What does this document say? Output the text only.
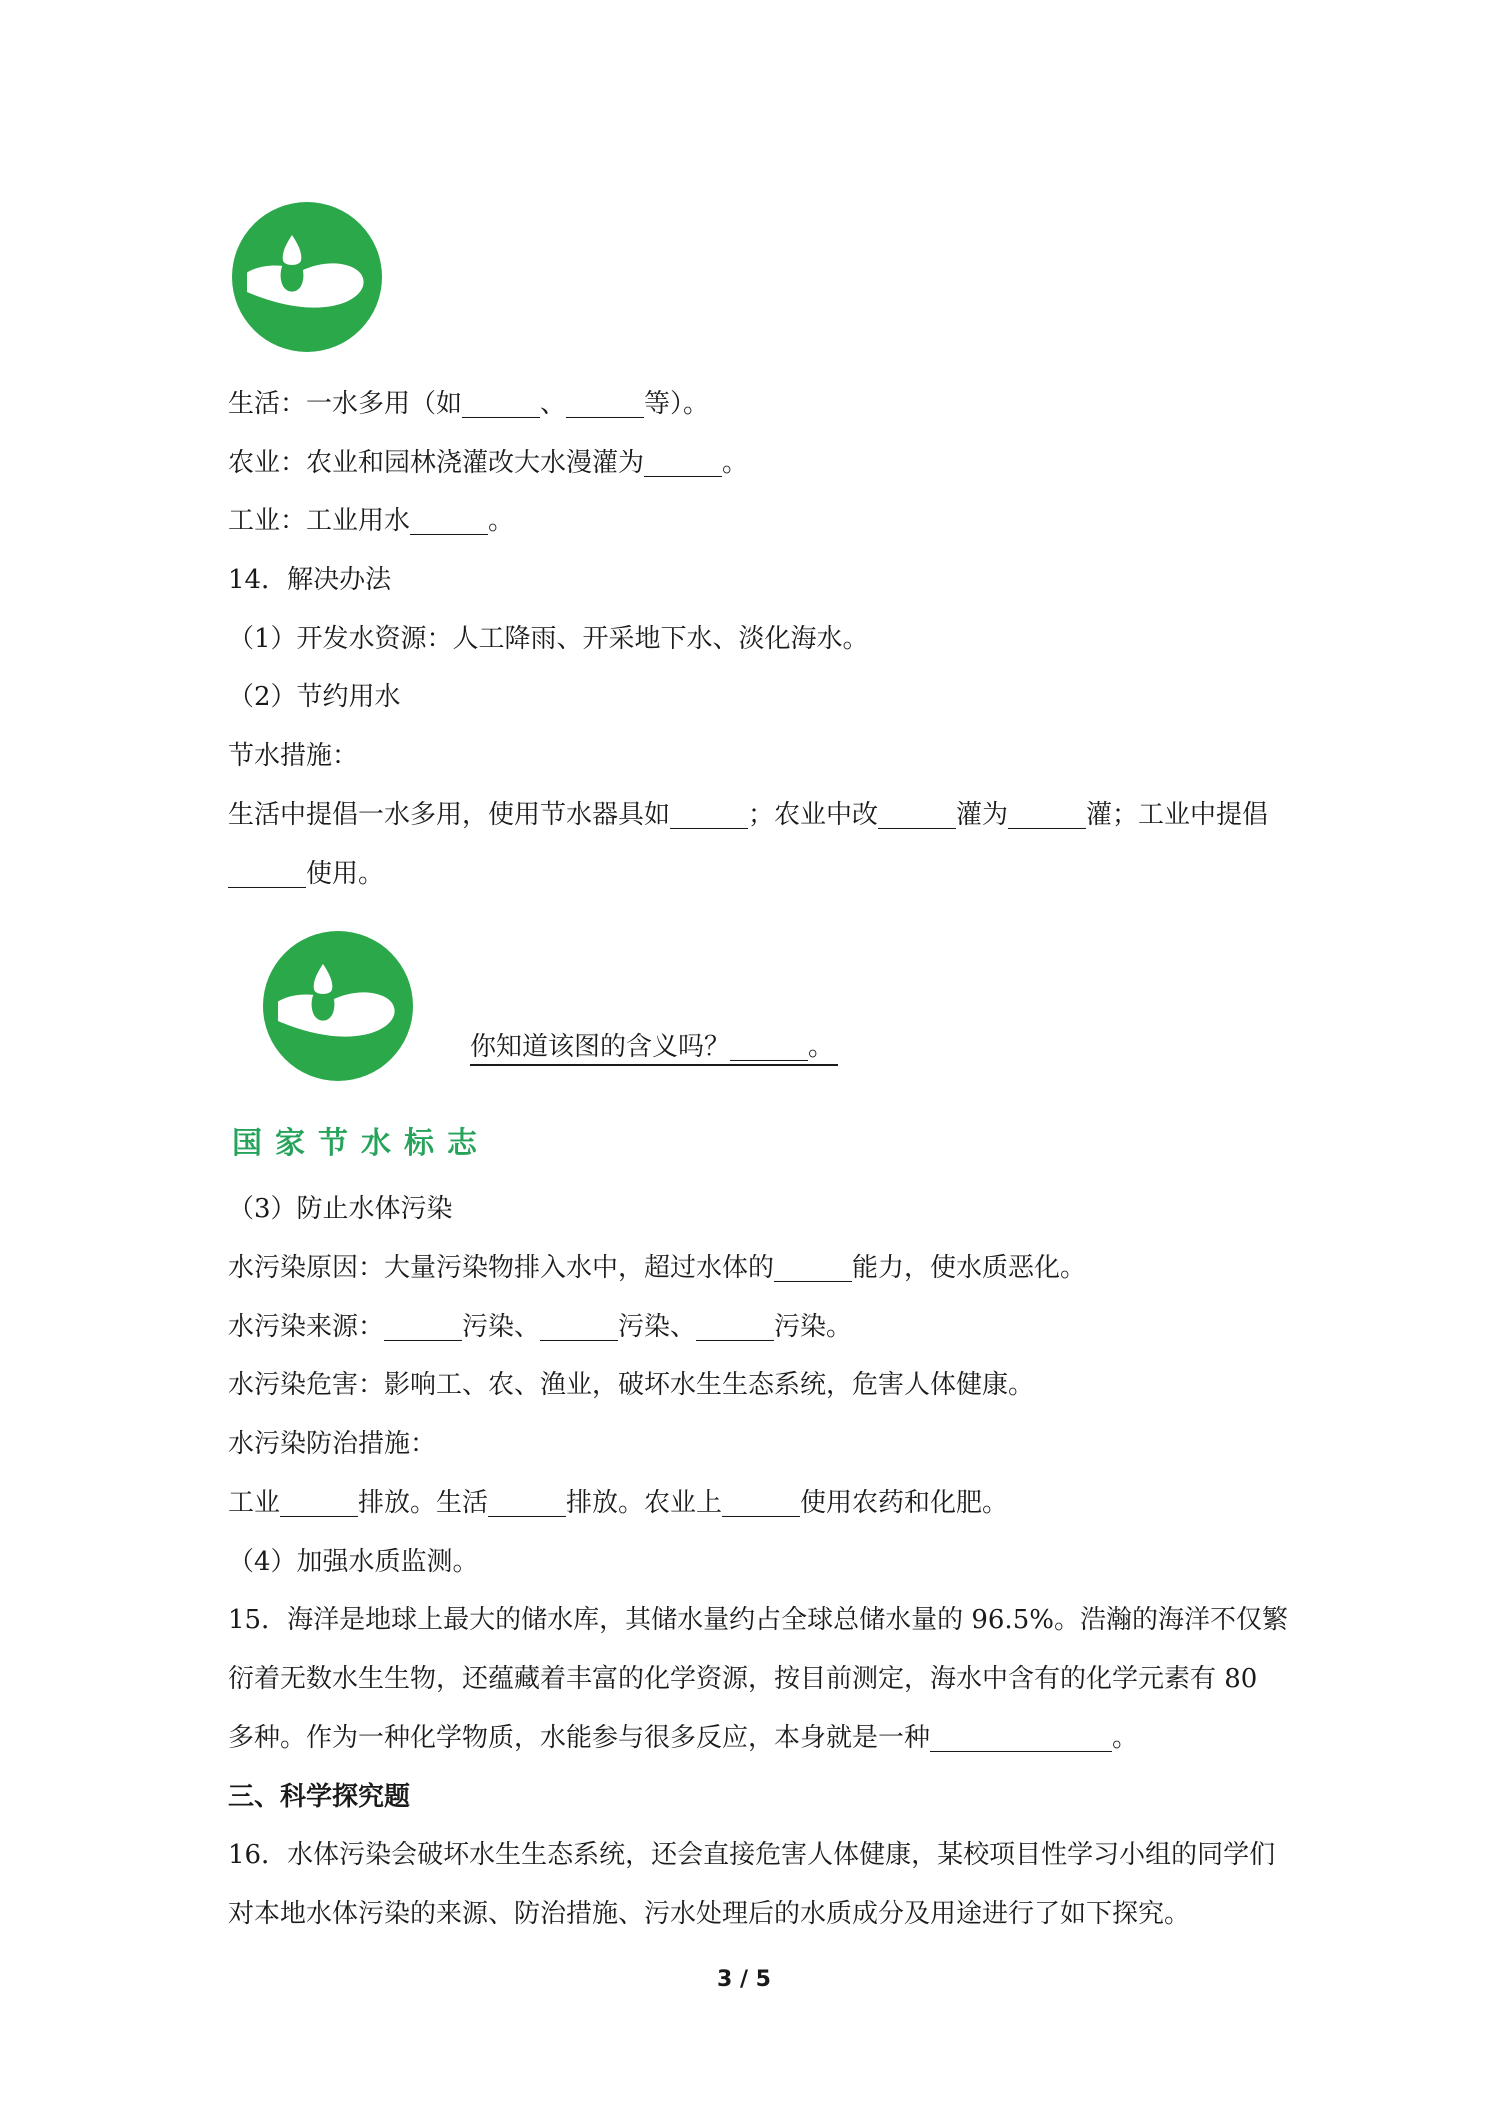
国家节水标志
你知道该图的含义吗？______。
生活：一水多用（如______、______等）。
农业：农业和园林浇灌改大水漫灌为______。
工业：工业用水______。
14．解决办法
（1）开发水资源：人工降雨、开采地下水、淡化海水。
（2）节约用水
节水措施：
生活中提倡一水多用，使用节水器具如______；农业中改______灌为______灌；工业中提倡
______使用。
（3）防止水体污染
水污染原因：大量污染物排入水中，超过水体的______能力，使水质恶化。
水污染来源：______污染、______污染、______污染。
水污染危害：影响工、农、渔业，破坏水生生态系统，危害人体健康。
水污染防治措施：
工业______排放。生活______排放。农业上______使用农药和化肥。
（4）加强水质监测。
15．海洋是地球上最大的储水库，其储水量约占全球总储水量的 96.5%。浩瀚的海洋不仅繁
衍着无数水生生物，还蕴藏着丰富的化学资源，按目前测定，海水中含有的化学元素有 80
多种。作为一种化学物质，水能参与很多反应，本身就是一种______________。
三、科学探究题
16．水体污染会破坏水生生态系统，还会直接危害人体健康，某校项目性学习小组的同学们
对本地水体污染的来源、防治措施、污水处理后的水质成分及用途进行了如下探究。
3 / 5
